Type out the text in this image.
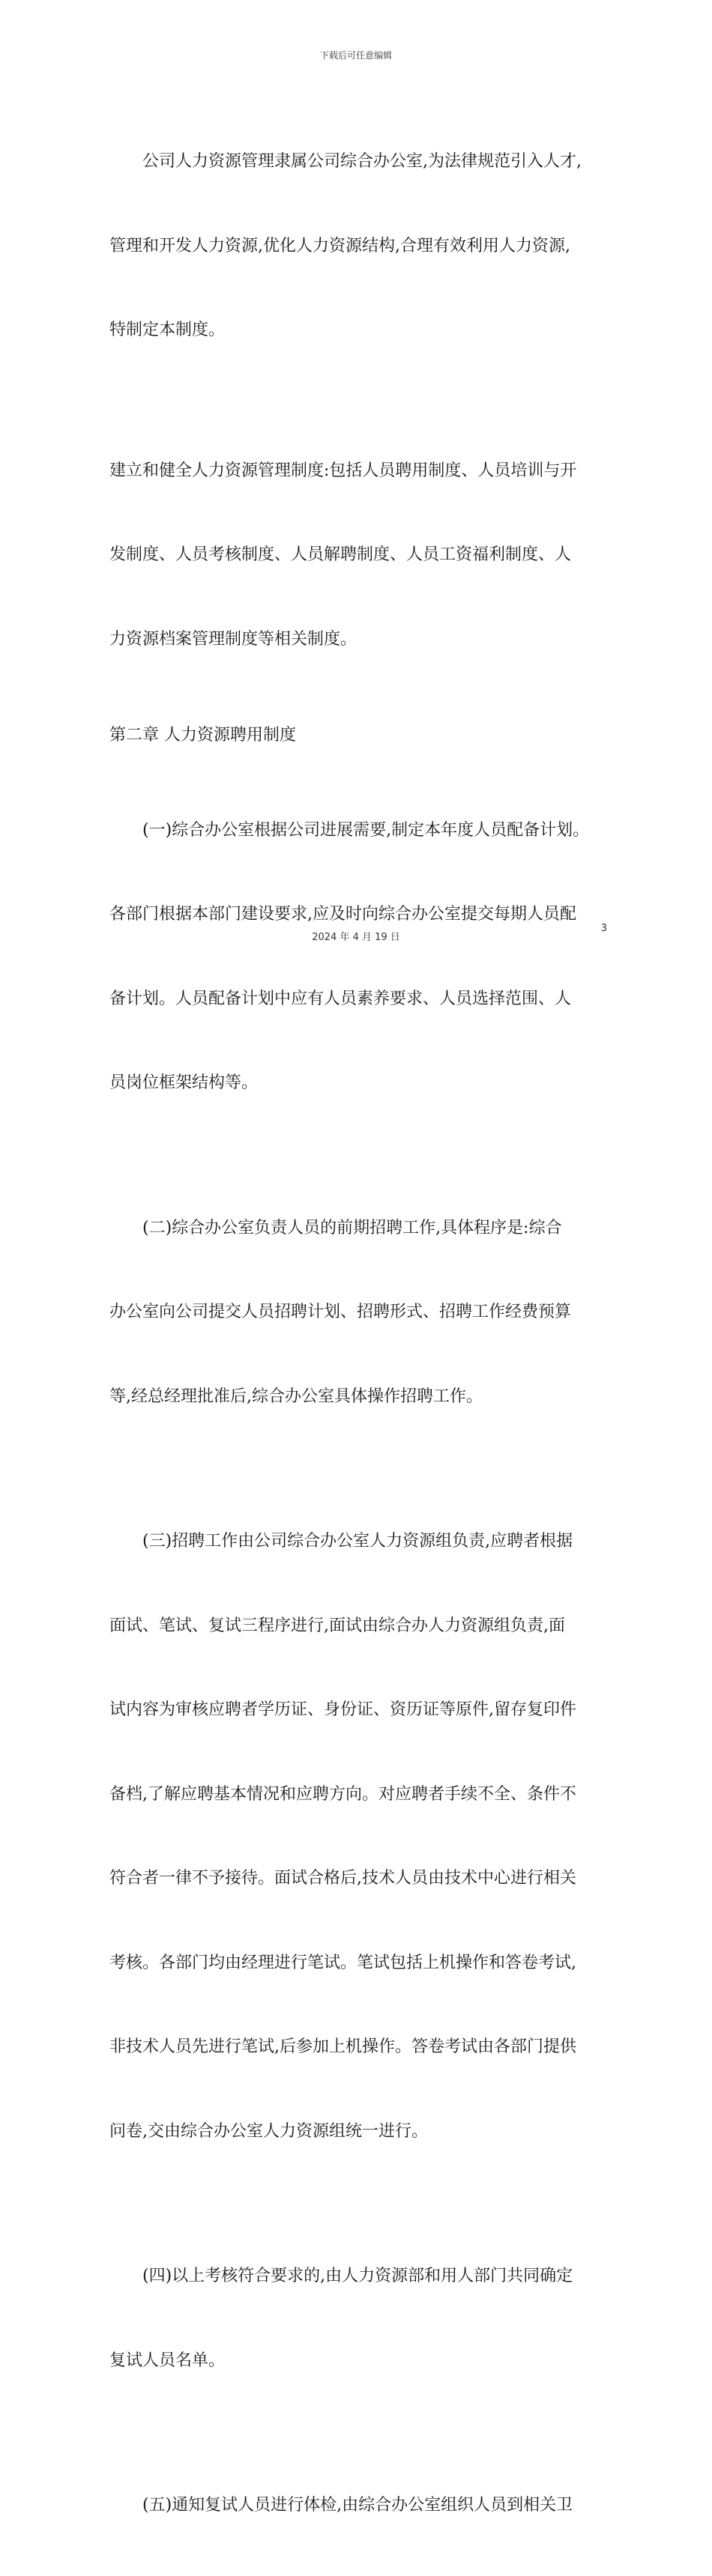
下载后可任意编辑

公司人力资源管理隶属公司综合办公室,为法律规范引入人才,

管理和开发人力资源,优化人力资源结构,合理有效利用人力资源,

特制定本制度。

建立和健全人力资源管理制度:包括人员聘用制度、人员培训与开

发制度、人员考核制度、人员解聘制度、人员工资福利制度、人

力资源档案管理制度等相关制度。

第二章 人力资源聘用制度

(一)综合办公室根据公司进展需要,制定本年度人员配备计划。

各部门根据本部门建设要求,应及时向综合办公室提交每期人员配

备计划。人员配备计划中应有人员素养要求、人员选择范围、人

员岗位框架结构等。

(二)综合办公室负责人员的前期招聘工作,具体程序是:综合

办公室向公司提交人员招聘计划、招聘形式、招聘工作经费预算

等,经总经理批准后,综合办公室具体操作招聘工作。

(三)招聘工作由公司综合办公室人力资源组负责,应聘者根据

面试、笔试、复试三程序进行,面试由综合办人力资源组负责,面

试内容为审核应聘者学历证、身份证、资历证等原件,留存复印件

备档,了解应聘基本情况和应聘方向。对应聘者手续不全、条件不

符合者一律不予接待。面试合格后,技术人员由技术中心进行相关

考核。各部门均由经理进行笔试。笔试包括上机操作和答卷考试,

非技术人员先进行笔试,后参加上机操作。答卷考试由各部门提供

问卷,交由综合办公室人力资源组统一进行。

(四)以上考核符合要求的,由人力资源部和用人部门共同确定

复试人员名单。

(五)通知复试人员进行体检,由综合办公室组织人员到相关卫

3
2024 年 4 月 19 日
